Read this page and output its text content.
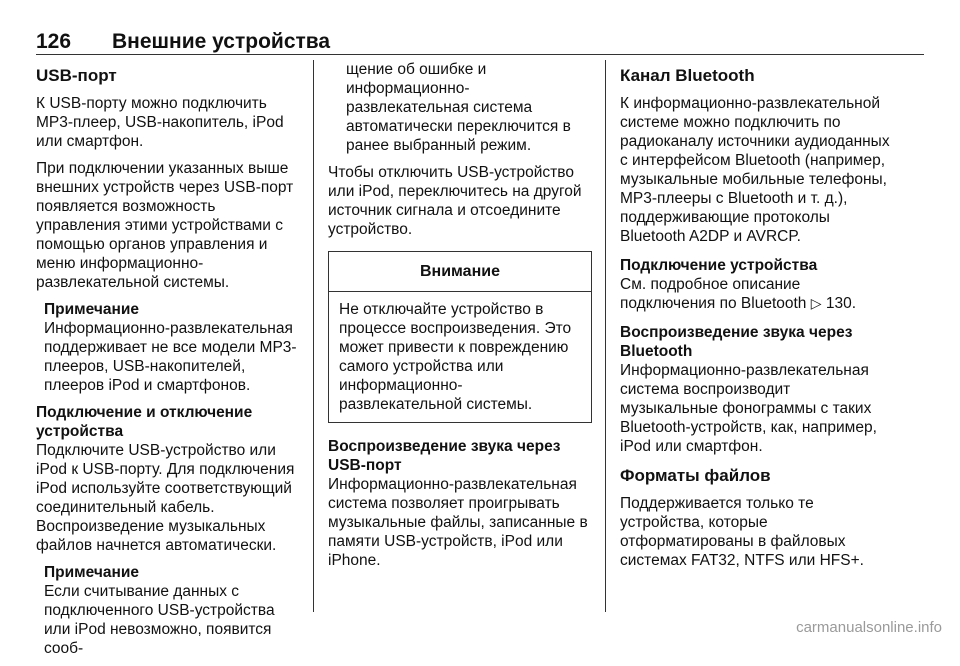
126 Внешние устройства
USB-порт

К USB-порту можно подключить MP3-плеер, USB-накопитель, iPod или смартфон.

При подключении указанных выше внешних устройств через USB-порт появляется возможность управления этими устройствами с помощью органов управления и меню информационно-развлекательной системы.

Примечание
Информационно-развлекательная поддерживает не все модели MP3-плееров, USB-накопителей, плееров iPod и смартфонов.
Подключение и отключение устройства

Подключите USB-устройство или iPod к USB-порту. Для подключения iPod используйте соответствующий соединительный кабель. Воспроизведение музыкальных файлов начнется автоматически.

Примечание
Если считывание данных с подключенного USB-устройства или iPod невозможно, появится сооб-

щение об ошибке и информационно-развлекательная система автоматически переключится в ранее выбранный режим.

Чтобы отключить USB-устройство или iPod, переключитесь на другой источник сигнала и отсоедините устройство.

Внимание
Не отключайте устройство в процессе воспроизведения. Это может привести к повреждению самого устройства или информационно-развлекательной системы.
Воспроизведение звука через USB-порт

Информационно-развлекательная система позволяет проигрывать музыкальные файлы, записанные в памяти USB-устройств, iPod или iPhone.

Канал Bluetooth

К информационно-развлекательной системе можно подключить по радиоканалу источники аудиоданных с интерфейсом Bluetooth (например, музыкальные мобильные телефоны, MP3-плееры с Bluetooth и т. д.), поддерживающие протоколы Bluetooth A2DP и AVRCP.

Подключение устройства

См. подробное описание подключения по Bluetooth ▷ 130.

Воспроизведение звука через Bluetooth

Информационно-развлекательная система воспроизводит музыкальные фонограммы с таких Bluetooth-устройств, как, например, iPod или смартфон.

Форматы файлов

Поддерживается только те устройства, которые отформатированы в файловых системах FAT32, NTFS или HFS+.

carmanualsonline.info
